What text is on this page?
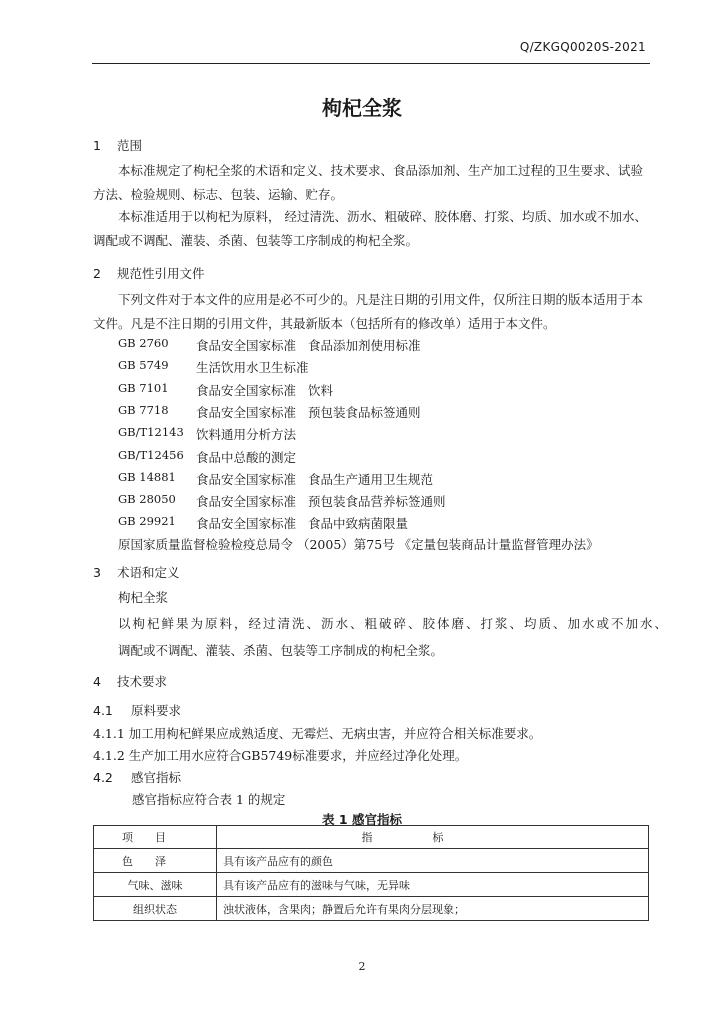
Q/ZKGQ0020S-2021
枸杞全浆
1 范围
本标准规定了枸杞全浆的术语和定义、技术要求、食品添加剂、生产加工过程的卫生要求、试验
方法、检验规则、标志、包装、运输、贮存。
本标准适用于以枸杞为原料， 经过清洗、沥水、粗破碎、胶体磨、打浆、均质、加水或不加水、
调配或不调配、灌装、杀菌、包装等工序制成的枸杞全浆。
2 规范性引用文件
下列文件对于本文件的应用是必不可少的。凡是注日期的引用文件，仅所注日期的版本适用于本
文件。凡是不注日期的引用文件，其最新版本（包括所有的修改单）适用于本文件。
GB 2760 食品安全国家标准 食品添加剂使用标准
GB 5749 生活饮用水卫生标准
GB 7101 食品安全国家标准 饮料
GB 7718 食品安全国家标准 预包装食品标签通则
GB/T12143 饮料通用分析方法
GB/T12456 食品中总酸的测定
GB 14881 食品安全国家标准 食品生产通用卫生规范
GB 28050 食品安全国家标准 预包装食品营养标签通则
GB 29921 食品安全国家标准 食品中致病菌限量
原国家质量监督检验检疫总局令 （2005）第75号 《定量包装商品计量监督管理办法》
3 术语和定义
枸杞全浆
以枸杞鲜果为原料，经过清洗、沥水、粗破碎、胶体磨、打浆、均质、加水或不加水、
调配或不调配、灌装、杀菌、包装等工序制成的枸杞全浆。
4 技术要求
4.1 原料要求
4.1.1 加工用枸杞鲜果应成熟适度、无霉烂、无病虫害，并应符合相关标准要求。
4.1.2 生产加工用水应符合GB5749标准要求，并应经过净化处理。
4.2 感官指标
感官指标应符合表 1 的规定
表 1 感官指标
项目	指标
色泽	具有该产品应有的颜色
气味、滋味	具有该产品应有的滋味与气味，无异味
组织状态	浊状液体，含果肉；静置后允许有果肉分层现象；
2
